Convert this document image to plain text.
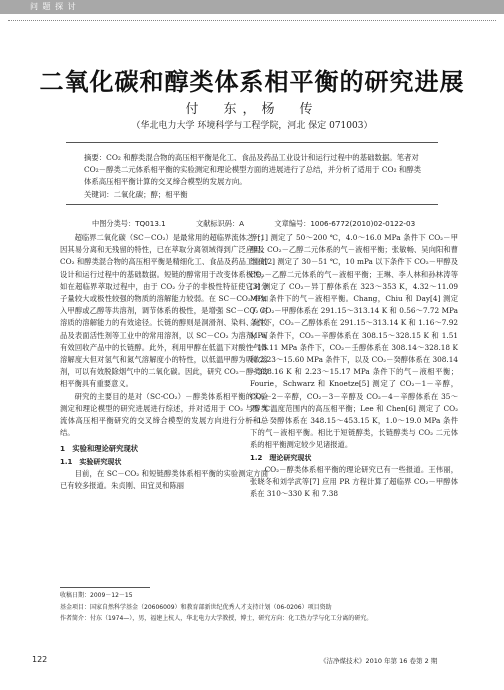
问 题 探 讨
二氧化碳和醇类体系相平衡的研究进展
付　东，杨　传
（华北电力大学 环境科学与工程学院，河北 保定 071003）
摘要：CO₂ 和醇类混合物的高压相平衡是化工、食品及药品工业设计和运行过程中的基础数据。笔者对 CO₂－醇类二元体系相平衡的实验测定和理论模型方面的进展进行了总结，并分析了适用于 CO₂ 和醇类体系高压相平衡计算的交叉缔合模型的发展方向。
关键词：二氧化碳；醇；相平衡
中图分类号：TQ013.1	文献标识码：A	文章编号：1006-6772(2010)02-0122-03

超临界二氧化碳（SC－CO₂）是最常用的超临界流体之一，因其易分离和无残留的特性，已在萃取分离领域得到广泛应用。CO₂ 和醇类混合物的高压相平衡是精细化工、食品及药品工业的设计和运行过程中的基础数据。短链的醇常用于改变体系极性，如在超临界萃取过程中，由于 CO₂ 分子的非极性特征使它对分子量较大或极性较强的物质的溶解能力较弱。在 SC－CO₂ 中加入甲醇或乙醇等共溶剂，调节体系的极性，是增强 SC－CO₂ 对溶质的溶解能力的有效途径。长链的醇则是洞滑剂、染料、化妆品及表面活性剂等工业中的常用溶剂，以 SC－CO₂ 为溶剂，可有效回收产品中的长链醇。此外，利用甲醇在低温下对酸性气体溶解度大但对氢气和氮气溶解度小的特性，以低温甲醇为吸收溶剂，可以有效脱除烟气中的二氧化碳。因此，研究 CO₂－醇类的相平衡具有重要意义。

研究的主要目的是对（SC-CO₂）－醇类体系相平衡的实验测定和理论模型的研究进展进行综述，并对适用于 CO₂ 与醇类流体高压相平衡研究的交叉缔合模型的发展方向进行分析和总结。

1　实验和理论研究现状

1.1　实验研究现状

目前，在 SC－CO₂ 和短链醇类体系相平衡的实验测定方面已有较多报道。朱贞刚、田宜灵和陈丽

等[1] 测定了 50～200 ℃，4.0～16.0 MPa 条件下 CO₂－甲醇及 CO₂－乙醇二元体系的气－液相平衡；张敏畅、吴向阳和曹维良[2] 测定了 30－51 ℃，10 mPa 以下条件下 CO₂－甲醇及 CO₂－乙醇二元体系的气－液相平衡；王琳、李人林和孙林涛等[3] 测定了 CO₂－异丁醇体系在 323～353 K，4.32～11.09 MPa 条件下的气－液相平衡。Chang，Chiu 和 Day[4] 测定了 CO₂－甲醇体系在 291.15～313.14 K 和 0.56～7.72 MPa 条件下，CO₂－乙醇体系在 291.15～313.14 K 和 1.16～7.92 MPa 条件下，CO₂－辛醇体系在 308.15～328.15 K 和 1.51～15.11 MPa 条件下，CO₂－壬醇体系在 308.14～328.18 K 和 2.23～15.60 MPa 条件下，以及 CO₂－癸醇体系在 308.14～328.16 K 和 2.23～15.17 MPa 条件下的气－液相平衡；Fourie，Schwarz 和 Knoetze[5] 测定了 CO₂－1－辛醇，CO₂－2－辛醇，CO₂－3－辛醇及 CO₂－4－辛醇体系在 35～75 ℃温度范围内的高压相平衡；Lee 和 Chen[6] 测定了 CO₂－1－癸醇体系在 348.15～453.15 K，1.0～19.0 MPa 条件下的气－液相平衡。相比于短链醇类，长链醇类与 CO₂ 二元体系的相平衡测定较少见诸报道。

1.2　理论研究现状

CO₂－醇类体系相平衡的理论研究已有一些报道。王伟丽，张晓冬和刘学武等[7] 应用 PR 方程计算了超临界 CO₂－甲醇体系在 310～330 K 和 7.38

收稿日期：2009－12－15
基金项目：国家自然科学基金（20606009）和教育部新世纪优秀人才支持计划（06-0206）项目资助
作者简介：付东（1974—），男，福建上杭人，华北电力大学教授，博士，研究方向：化工热力学与化工分离的研究。
122	《洁净煤技术》2010 年第 16 卷第 2 期
